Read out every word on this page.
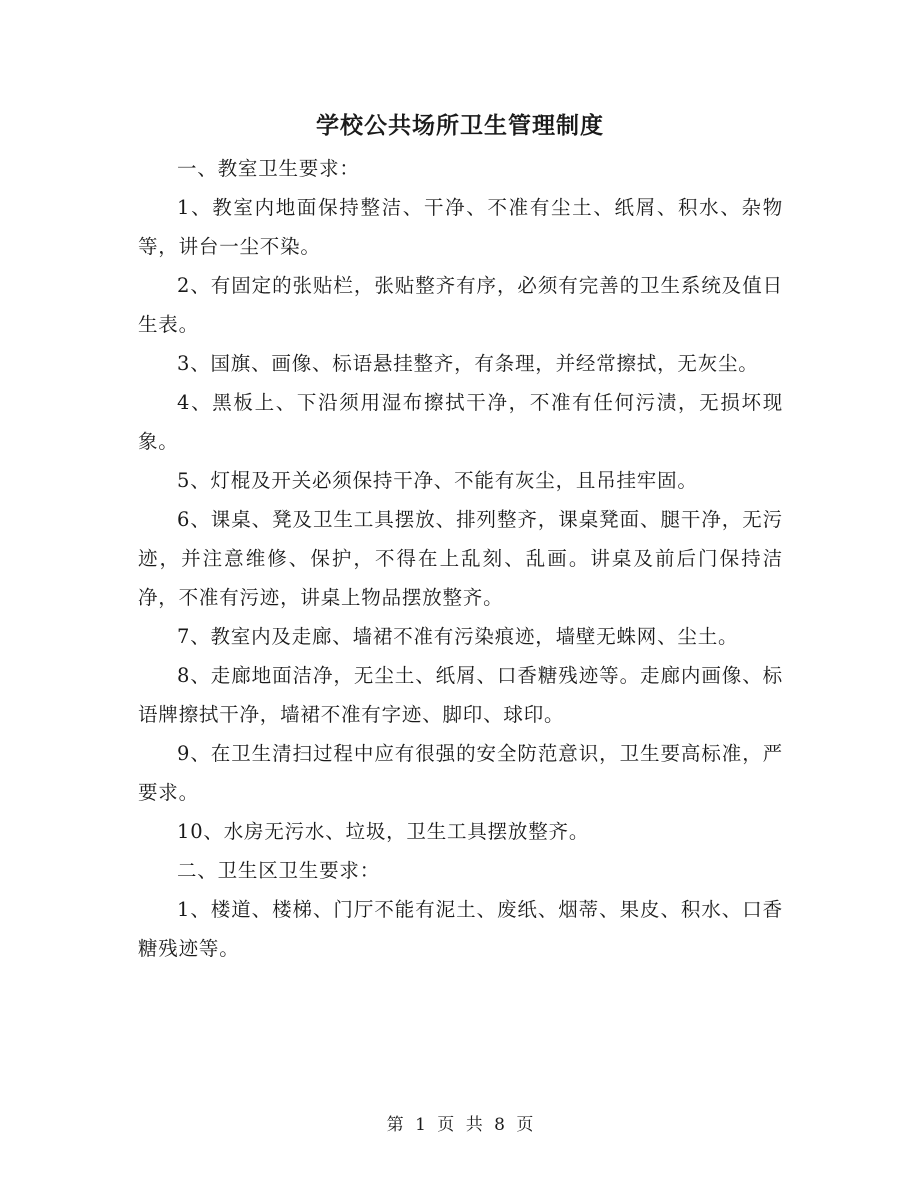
学校公共场所卫生管理制度

一、教室卫生要求：

1、教室内地面保持整洁、干净、不准有尘土、纸屑、积水、杂物等，讲台一尘不染。

2、有固定的张贴栏，张贴整齐有序，必须有完善的卫生系统及值日生表。

3、国旗、画像、标语悬挂整齐，有条理，并经常擦拭，无灰尘。

4、黑板上、下沿须用湿布擦拭干净，不准有任何污渍，无损坏现象。

5、灯棍及开关必须保持干净、不能有灰尘，且吊挂牢固。

6、课桌、凳及卫生工具摆放、排列整齐，课桌凳面、腿干净，无污迹，并注意维修、保护，不得在上乱刻、乱画。讲桌及前后门保持洁净，不准有污迹，讲桌上物品摆放整齐。

7、教室内及走廊、墙裙不准有污染痕迹，墙壁无蛛网、尘土。

8、走廊地面洁净，无尘土、纸屑、口香糖残迹等。走廊内画像、标语牌擦拭干净，墙裙不准有字迹、脚印、球印。

9、在卫生清扫过程中应有很强的安全防范意识，卫生要高标准，严要求。

10、水房无污水、垃圾，卫生工具摆放整齐。

二、卫生区卫生要求：

1、楼道、楼梯、门厅不能有泥土、废纸、烟蒂、果皮、积水、口香糖残迹等。

第 1 页 共 8 页
